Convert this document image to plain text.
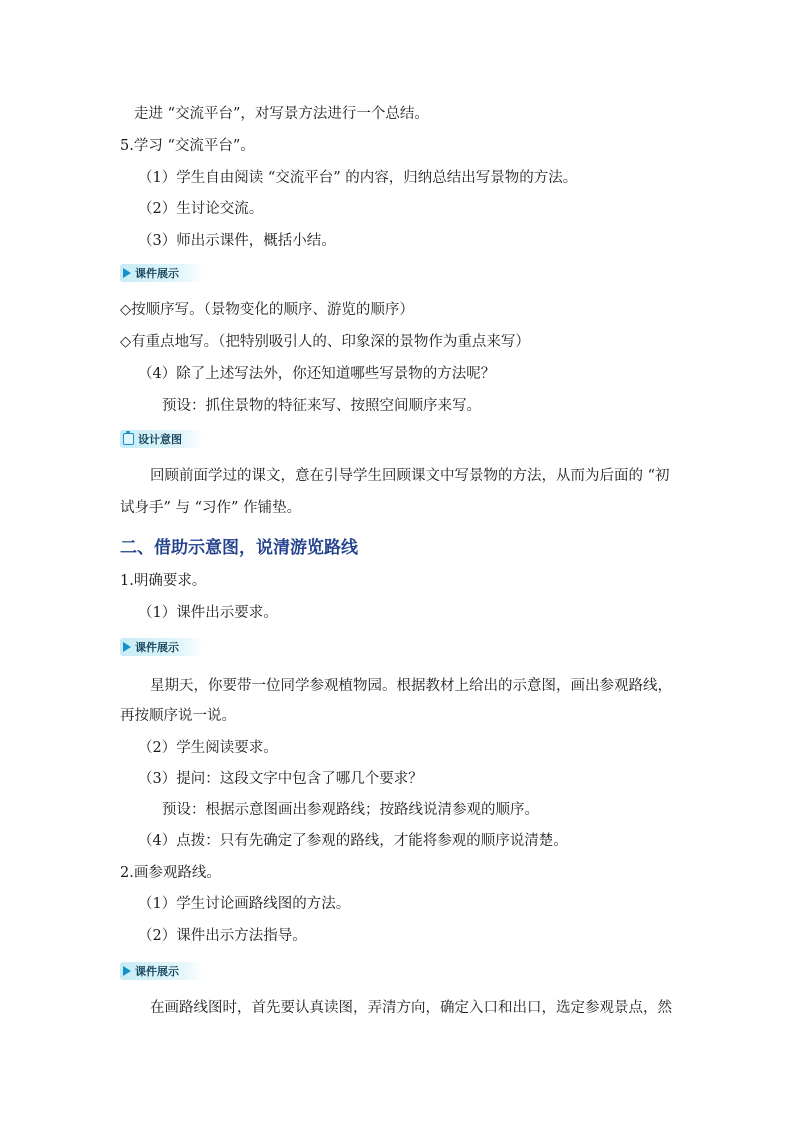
走进 “交流平台”，对写景方法进行一个总结。
5.学习 “交流平台”。
（1）学生自由阅读 “交流平台” 的内容，归纳总结出写景物的方法。
（2）生讨论交流。
（3）师出示课件，概括小结。
课件展示
◇按顺序写。（景物变化的顺序、游览的顺序）
◇有重点地写。（把特别吸引人的、印象深的景物作为重点来写）
（4）除了上述写法外，你还知道哪些写景物的方法呢？
预设：抓住景物的特征来写、按照空间顺序来写。
设计意图
回顾前面学过的课文，意在引导学生回顾课文中写景物的方法，从而为后面的 “初
试身手” 与 “习作” 作铺垫。
二、借助示意图，说清游览路线
1.明确要求。
（1）课件出示要求。
课件展示
星期天，你要带一位同学参观植物园。根据教材上给出的示意图，画出参观路线，
再按顺序说一说。
（2）学生阅读要求。
（3）提问：这段文字中包含了哪几个要求？
预设：根据示意图画出参观路线；按路线说清参观的顺序。
（4）点拨：只有先确定了参观的路线，才能将参观的顺序说清楚。
2.画参观路线。
（1）学生讨论画路线图的方法。
（2）课件出示方法指导。
课件展示
在画路线图时，首先要认真读图，弄清方向，确定入口和出口，选定参观景点，然
